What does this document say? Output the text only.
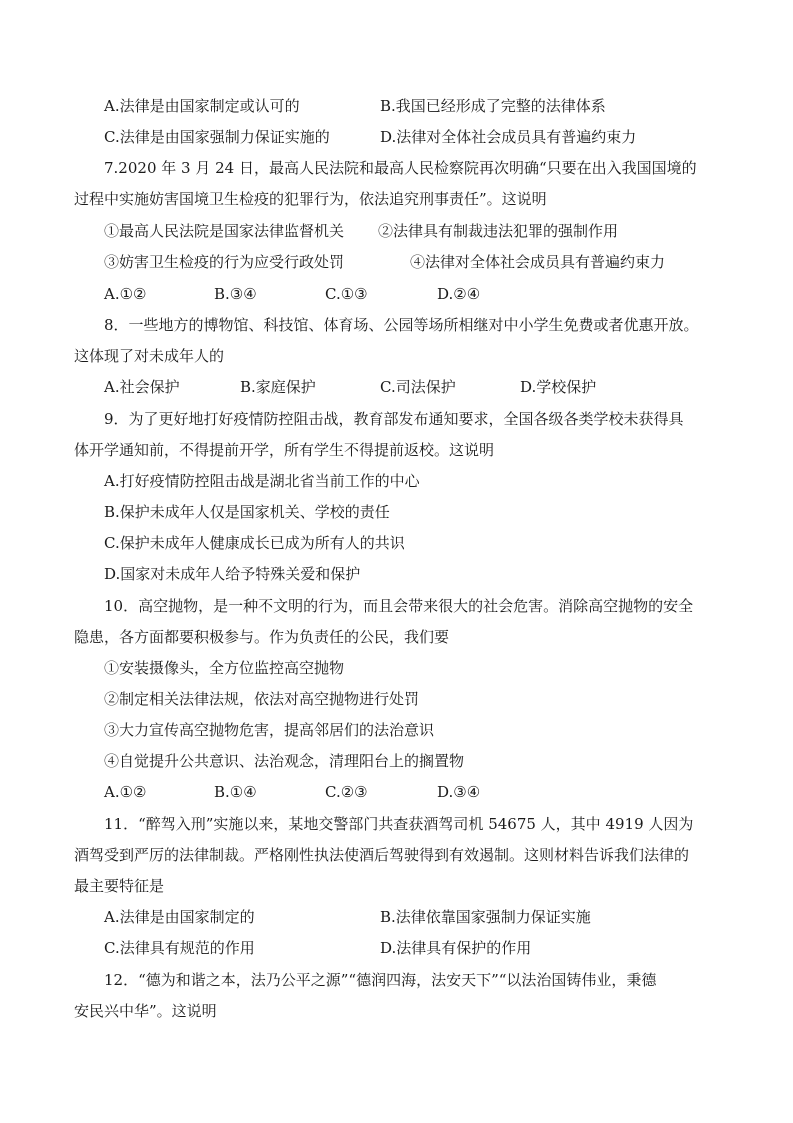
A.法律是由国家制定或认可的	B.我国已经形成了完整的法律体系
C.法律是由国家强制力保证实施的	D.法律对全体社会成员具有普遍约束力
7.2020 年 3 月 24 日，最高人民法院和最高人民检察院再次明确“只要在出入我国国境的
过程中实施妨害国境卫生检疫的犯罪行为，依法追究刑事责任”。这说明
①最高人民法院是国家法律监督机关 ②法律具有制裁违法犯罪的强制作用
③妨害卫生检疫的行为应受行政处罚	④法律对全体社会成员具有普遍约束力
A.①②	B.③④	C.①③	D.②④
8．一些地方的博物馆、科技馆、体育场、公园等场所相继对中小学生免费或者优惠开放。
这体现了对未成年人的
A.社会保护	B.家庭保护	C.司法保护	D.学校保护
9．为了更好地打好疫情防控阻击战，教育部发布通知要求，全国各级各类学校未获得具
体开学通知前，不得提前开学，所有学生不得提前返校。这说明
A.打好疫情防控阻击战是湖北省当前工作的中心
B.保护未成年人仅是国家机关、学校的责任
C.保护未成年人健康成长已成为所有人的共识
D.国家对未成年人给予特殊关爱和保护
10．高空抛物，是一种不文明的行为，而且会带来很大的社会危害。消除高空抛物的安全
隐患，各方面都要积极参与。作为负责任的公民，我们要
①安装摄像头，全方位监控高空抛物
②制定相关法律法规，依法对高空抛物进行处罚
③大力宣传高空抛物危害，提高邻居们的法治意识
④自觉提升公共意识、法治观念，清理阳台上的搁置物
A.①②	B.①④	C.②③	D.③④
11．“醉驾入刑”实施以来，某地交警部门共查获酒驾司机 54675 人，其中 4919 人因为
酒驾受到严厉的法律制裁。严格刚性执法使酒后驾驶得到有效遏制。这则材料告诉我们法律的
最主要特征是
A.法律是由国家制定的	B.法律依靠国家强制力保证实施
C.法律具有规范的作用	D.法律具有保护的作用
12．“德为和谐之本，法乃公平之源”“德润四海，法安天下”“以法治国铸伟业，秉德
安民兴中华”。这说明
